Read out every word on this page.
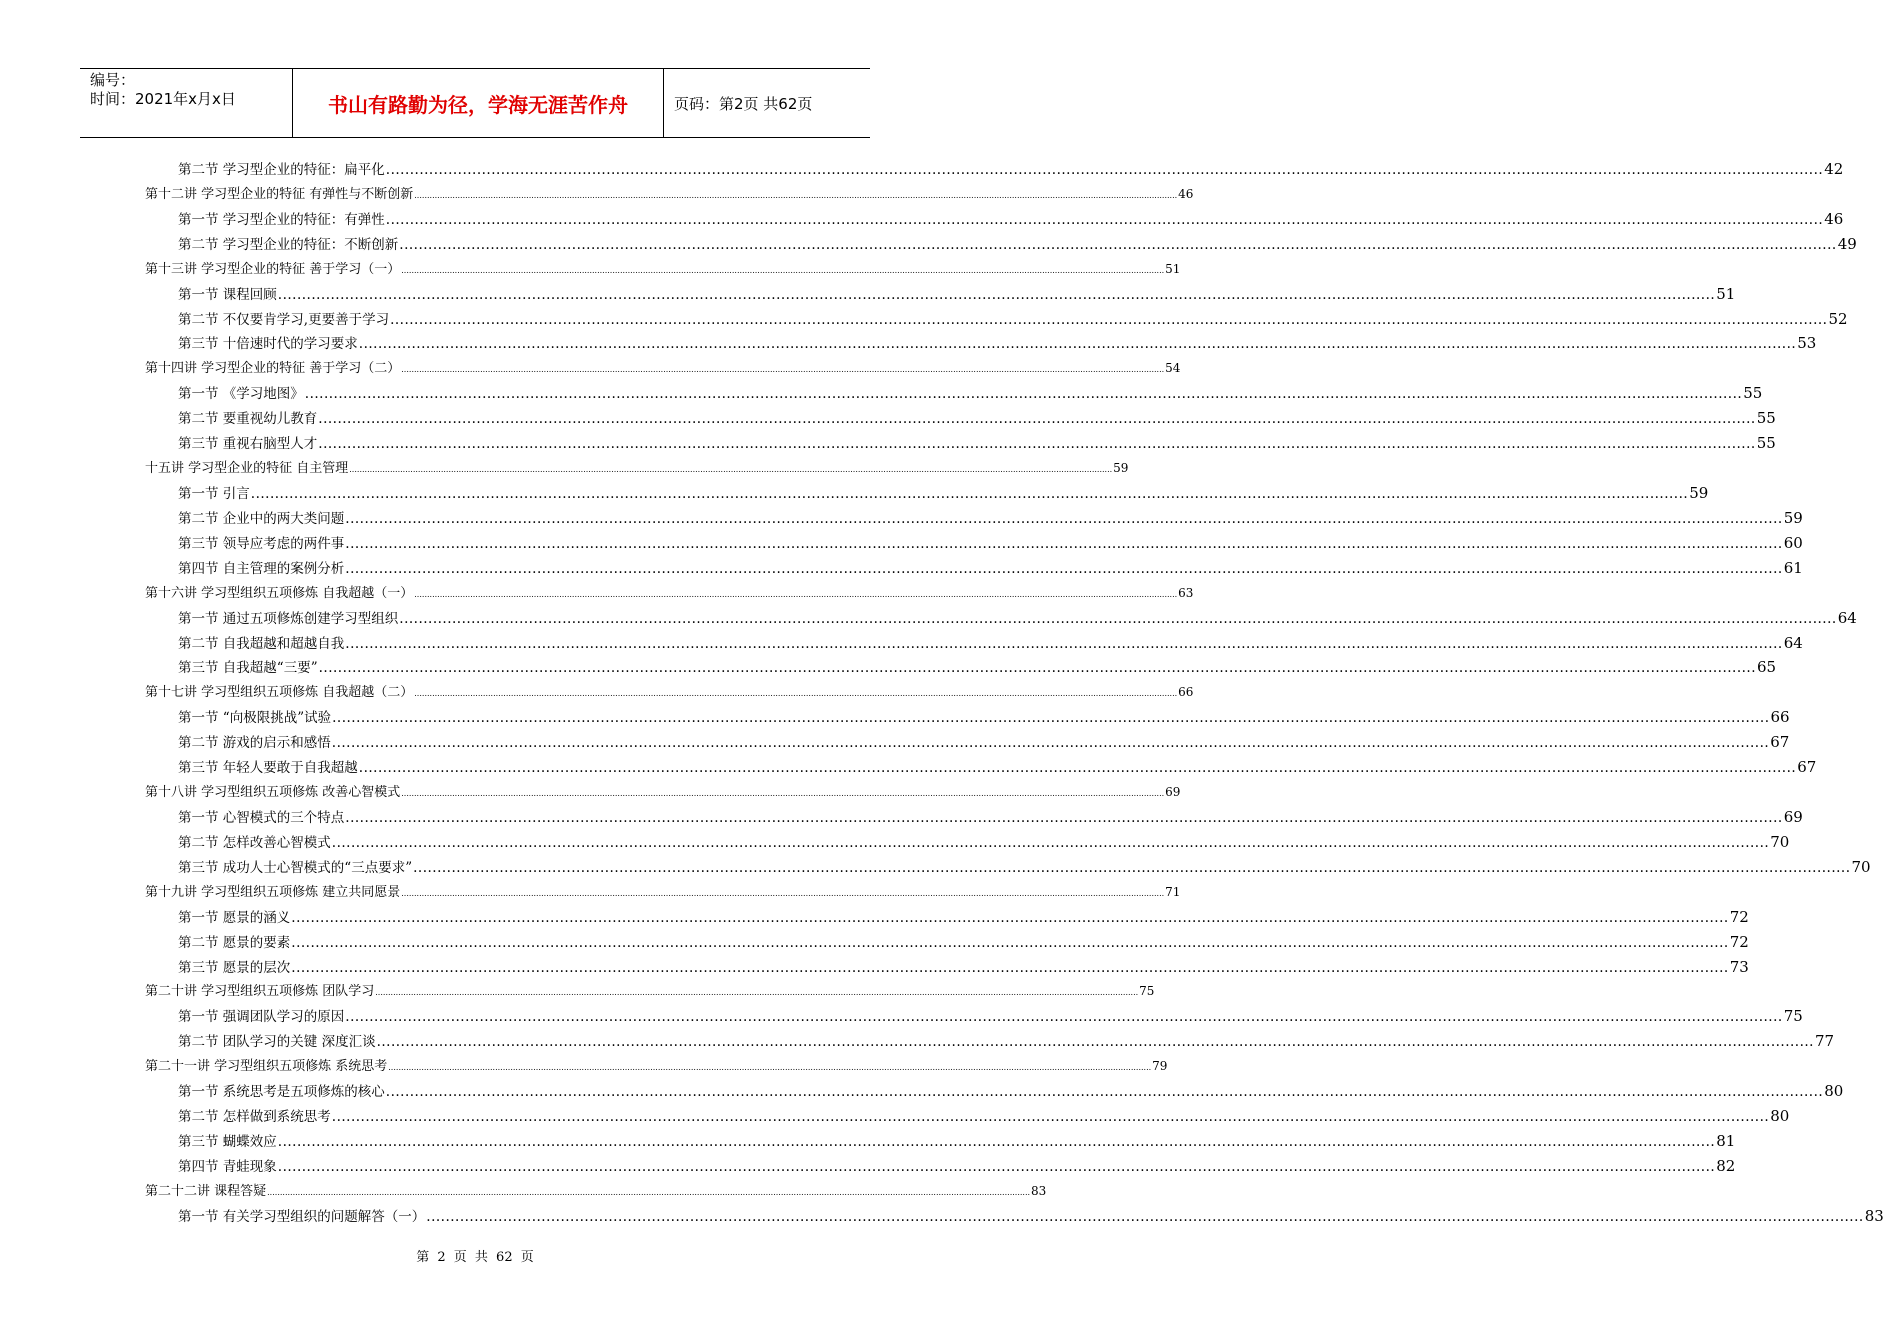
编号：
时间：2021年x月x日	书山有路勤为径，学海无涯苦作舟	页码：第2页 共62页
第二节 学习型企业的特征：扁平化 ............................................................................................................................................................................................................................................................................................................ 42
第十二讲 学习型企业的特征 有弹性与不断创新 ............................................................................................................................................................................................................................................................................................................ 46
第一节 学习型企业的特征：有弹性 ............................................................................................................................................................................................................................................................................................................ 46
第二节 学习型企业的特征：不断创新 ............................................................................................................................................................................................................................................................................................................ 49
第十三讲 学习型企业的特征 善于学习（一） ............................................................................................................................................................................................................................................................................................................ 51
第一节 课程回顾 ............................................................................................................................................................................................................................................................................................................ 51
第二节 不仅要肯学习,更要善于学习 ............................................................................................................................................................................................................................................................................................................ 52
第三节 十倍速时代的学习要求 ............................................................................................................................................................................................................................................................................................................ 53
第十四讲 学习型企业的特征 善于学习（二） ............................................................................................................................................................................................................................................................................................................ 54
第一节 《学习地图》 ............................................................................................................................................................................................................................................................................................................ 55
第二节 要重视幼儿教育 ............................................................................................................................................................................................................................................................................................................ 55
第三节 重视右脑型人才 ............................................................................................................................................................................................................................................................................................................ 55
十五讲 学习型企业的特征 自主管理 ............................................................................................................................................................................................................................................................................................................ 59
第一节 引言 ............................................................................................................................................................................................................................................................................................................ 59
第二节 企业中的两大类问题 ............................................................................................................................................................................................................................................................................................................ 59
第三节 领导应考虑的两件事 ............................................................................................................................................................................................................................................................................................................ 60
第四节 自主管理的案例分析 ............................................................................................................................................................................................................................................................................................................ 61
第十六讲 学习型组织五项修炼 自我超越（一） ............................................................................................................................................................................................................................................................................................................ 63
第一节 通过五项修炼创建学习型组织 ............................................................................................................................................................................................................................................................................................................ 64
第二节 自我超越和超越自我 ............................................................................................................................................................................................................................................................................................................ 64
第三节 自我超越“三要” ............................................................................................................................................................................................................................................................................................................ 65
第十七讲 学习型组织五项修炼 自我超越（二） ............................................................................................................................................................................................................................................................................................................ 66
第一节 “向极限挑战”试验 ............................................................................................................................................................................................................................................................................................................ 66
第二节 游戏的启示和感悟 ............................................................................................................................................................................................................................................................................................................ 67
第三节 年轻人要敢于自我超越 ............................................................................................................................................................................................................................................................................................................ 67
第十八讲 学习型组织五项修炼 改善心智模式 ............................................................................................................................................................................................................................................................................................................ 69
第一节 心智模式的三个特点 ............................................................................................................................................................................................................................................................................................................ 69
第二节 怎样改善心智模式 ............................................................................................................................................................................................................................................................................................................ 70
第三节 成功人士心智模式的“三点要求” ............................................................................................................................................................................................................................................................................................................ 70
第十九讲 学习型组织五项修炼 建立共同愿景 ............................................................................................................................................................................................................................................................................................................ 71
第一节 愿景的涵义 ............................................................................................................................................................................................................................................................................................................ 72
第二节 愿景的要素 ............................................................................................................................................................................................................................................................................................................ 72
第三节 愿景的层次 ............................................................................................................................................................................................................................................................................................................ 73
第二十讲 学习型组织五项修炼 团队学习 ............................................................................................................................................................................................................................................................................................................ 75
第一节 强调团队学习的原因 ............................................................................................................................................................................................................................................................................................................ 75
第二节 团队学习的关键 深度汇谈 ............................................................................................................................................................................................................................................................................................................ 77
第二十一讲 学习型组织五项修炼 系统思考 ............................................................................................................................................................................................................................................................................................................ 79
第一节 系统思考是五项修炼的核心 ............................................................................................................................................................................................................................................................................................................ 80
第二节 怎样做到系统思考 ............................................................................................................................................................................................................................................................................................................ 80
第三节 蝴蝶效应 ............................................................................................................................................................................................................................................................................................................ 81
第四节 青蛙现象 ............................................................................................................................................................................................................................................................................................................ 82
第二十二讲 课程答疑 ............................................................................................................................................................................................................................................................................................................ 83
第一节 有关学习型组织的问题解答（一） ............................................................................................................................................................................................................................................................................................................ 83
第 2 页 共 62 页
